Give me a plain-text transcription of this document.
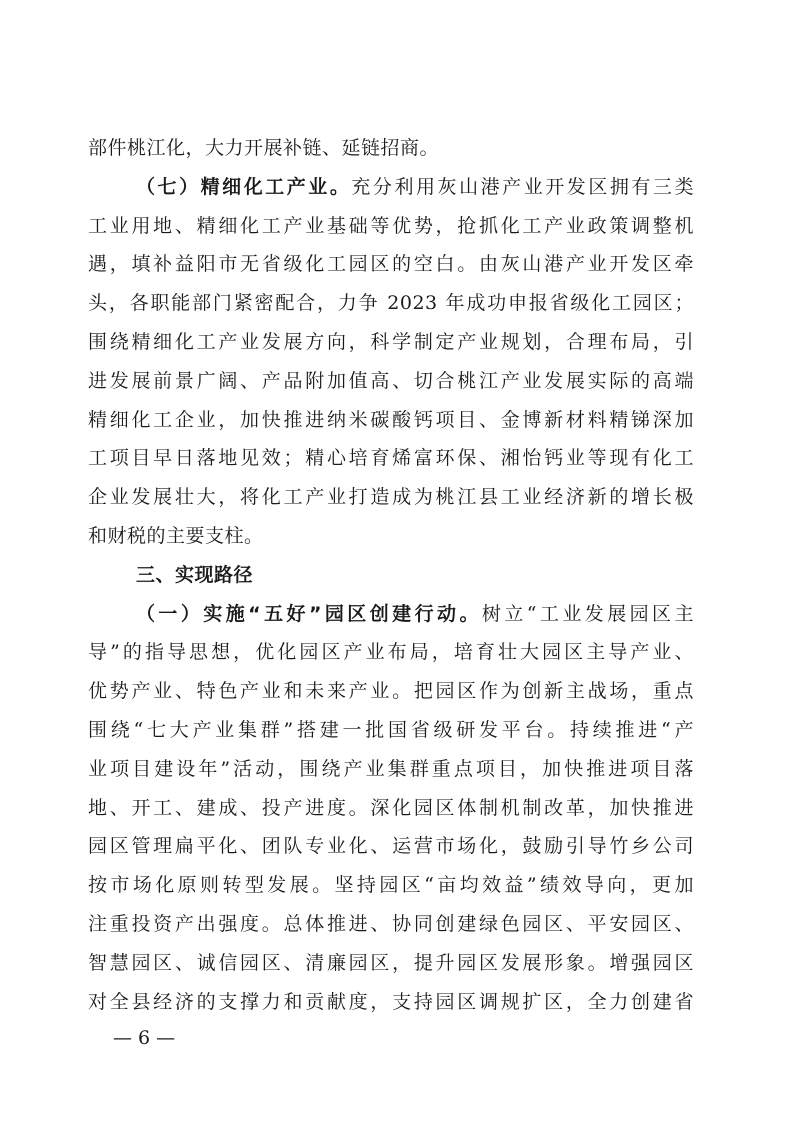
部件桃江化，大力开展补链、延链招商。
（七）精细化工产业。充分利用灰山港产业开发区拥有三类
工业用地、精细化工产业基础等优势，抢抓化工产业政策调整机
遇，填补益阳市无省级化工园区的空白。由灰山港产业开发区牵
头，各职能部门紧密配合，力争 2023 年成功申报省级化工园区；
围绕精细化工产业发展方向，科学制定产业规划，合理布局，引
进发展前景广阔、产品附加值高、切合桃江产业发展实际的高端
精细化工企业，加快推进纳米碳酸钙项目、金博新材料精锑深加
工项目早日落地见效；精心培育烯富环保、湘怡钙业等现有化工
企业发展壮大，将化工产业打造成为桃江县工业经济新的增长极
和财税的主要支柱。
三、实现路径
（一）实施“五好”园区创建行动。树立“工业发展园区主
导”的指导思想，优化园区产业布局，培育壮大园区主导产业、
优势产业、特色产业和未来产业。把园区作为创新主战场，重点
围绕“七大产业集群”搭建一批国省级研发平台。持续推进“产
业项目建设年”活动，围绕产业集群重点项目，加快推进项目落
地、开工、建成、投产进度。深化园区体制机制改革，加快推进
园区管理扁平化、团队专业化、运营市场化，鼓励引导竹乡公司
按市场化原则转型发展。坚持园区“亩均效益”绩效导向，更加
注重投资产出强度。总体推进、协同创建绿色园区、平安园区、
智慧园区、诚信园区、清廉园区，提升园区发展形象。增强园区
对全县经济的支撑力和贡献度，支持园区调规扩区，全力创建省
— 6 —
